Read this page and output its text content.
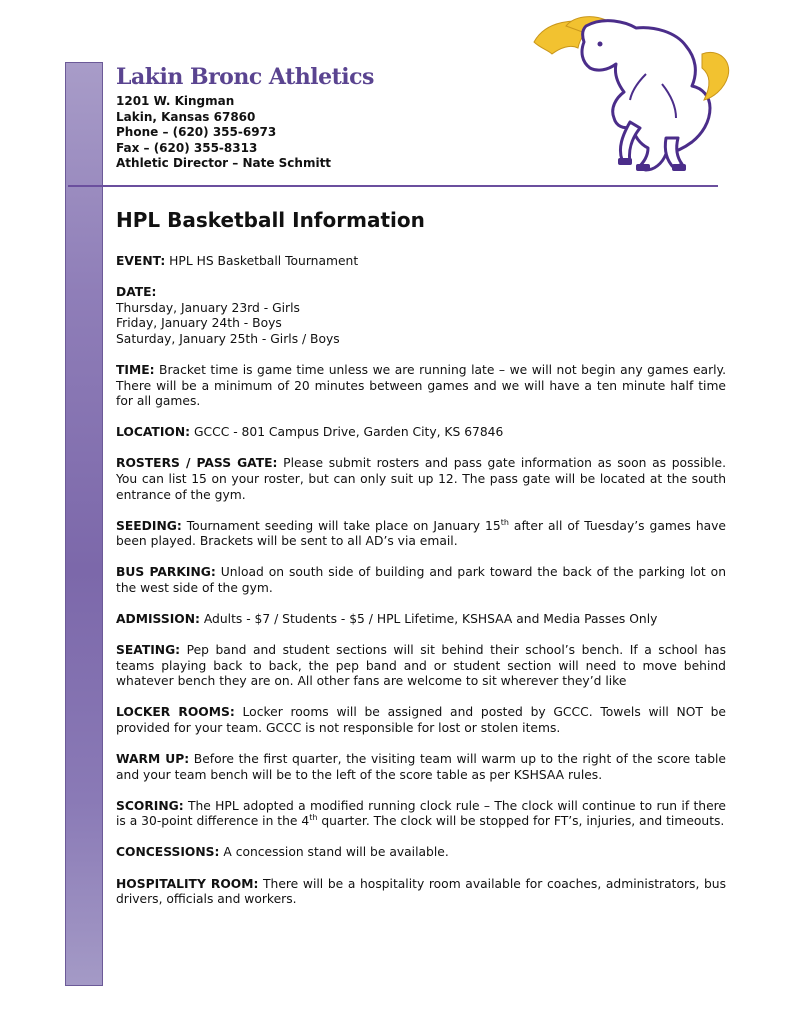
Lakin Bronc Athletics
1201 W. Kingman
Lakin, Kansas 67860
Phone – (620) 355-6973
Fax – (620) 355-8313
Athletic Director – Nate Schmitt
HPL Basketball Information

EVENT: HPL HS Basketball Tournament

DATE:
Thursday, January 23rd - Girls
Friday, January 24th - Boys
Saturday, January 25th - Girls / Boys

TIME: Bracket time is game time unless we are running late – we will not begin any games early. There will be a minimum of 20 minutes between games and we will have a ten minute half time for all games.

LOCATION: GCCC - 801 Campus Drive, Garden City, KS 67846

ROSTERS / PASS GATE: Please submit rosters and pass gate information as soon as possible. You can list 15 on your roster, but can only suit up 12. The pass gate will be located at the south entrance of the gym.

SEEDING: Tournament seeding will take place on January 15th after all of Tuesday’s games have been played. Brackets will be sent to all AD’s via email.

BUS PARKING: Unload on south side of building and park toward the back of the parking lot on the west side of the gym.

ADMISSION: Adults - $7 / Students - $5 / HPL Lifetime, KSHSAA and Media Passes Only

SEATING: Pep band and student sections will sit behind their school’s bench. If a school has teams playing back to back, the pep band and or student section will need to move behind whatever bench they are on. All other fans are welcome to sit wherever they’d like

LOCKER ROOMS: Locker rooms will be assigned and posted by GCCC. Towels will NOT be provided for your team. GCCC is not responsible for lost or stolen items.

WARM UP: Before the first quarter, the visiting team will warm up to the right of the score table and your team bench will be to the left of the score table as per KSHSAA rules.

SCORING: The HPL adopted a modified running clock rule – The clock will continue to run if there is a 30-point difference in the 4th quarter. The clock will be stopped for FT’s, injuries, and timeouts.

CONCESSIONS: A concession stand will be available.

HOSPITALITY ROOM: There will be a hospitality room available for coaches, administrators, bus drivers, officials and workers.
